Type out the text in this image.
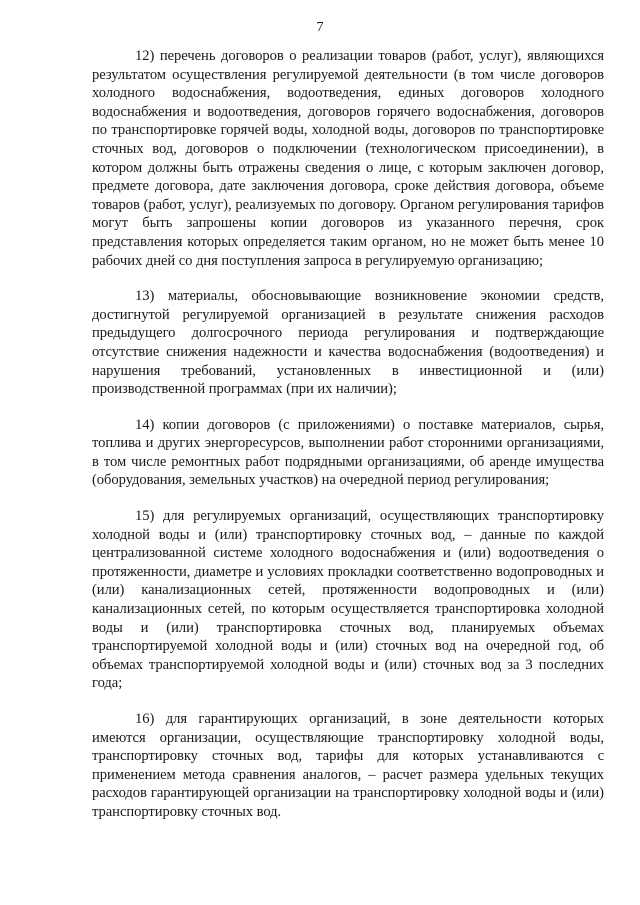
7

12) перечень договоров о реализации товаров (работ, услуг), являющихся результатом осуществления регулируемой деятельности (в том числе договоров холодного водоснабжения, водоотведения, единых договоров холодного водоснабжения и водоотведения, договоров горячего водоснабжения, договоров по транспортировке горячей воды, холодной воды, договоров по транспортировке сточных вод, договоров о подключении (технологическом присоединении), в котором должны быть отражены сведения о лице, с которым заключен договор, предмете договора, дате заключения договора, сроке действия договора, объеме товаров (работ, услуг), реализуемых по договору. Органом регулирования тарифов могут быть запрошены копии договоров из указанного перечня, срок представления которых определяется таким органом, но не может быть менее 10 рабочих дней со дня поступления запроса в регулируемую организацию;

13) материалы, обосновывающие возникновение экономии средств, достигнутой регулируемой организацией в результате снижения расходов предыдущего долгосрочного периода регулирования и подтверждающие отсутствие снижения надежности и качества водоснабжения (водоотведения) и нарушения требований, установленных в инвестиционной и (или) производственной программах (при их наличии);

14) копии договоров (с приложениями) о поставке материалов, сырья, топлива и других энергоресурсов, выполнении работ сторонними организациями, в том числе ремонтных работ подрядными организациями, об аренде имущества (оборудования, земельных участков) на очередной период регулирования;

15) для регулируемых организаций, осуществляющих транспортировку холодной воды и (или) транспортировку сточных вод, – данные по каждой централизованной системе холодного водоснабжения и (или) водоотведения о протяженности, диаметре и условиях прокладки соответственно водопроводных и (или) канализационных сетей, протяженности водопроводных и (или) канализационных сетей, по которым осуществляется транспортировка холодной воды и (или) транспортировка сточных вод, планируемых объемах транспортируемой холодной воды и (или) сточных вод на очередной год, об объемах транспортируемой холодной воды и (или) сточных вод за 3 последних года;

16) для гарантирующих организаций, в зоне деятельности которых имеются организации, осуществляющие транспортировку холодной воды, транспортировку сточных вод, тарифы для которых устанавливаются с применением метода сравнения аналогов, – расчет размера удельных текущих расходов гарантирующей организации на транспортировку холодной воды и (или) транспортировку сточных вод.
